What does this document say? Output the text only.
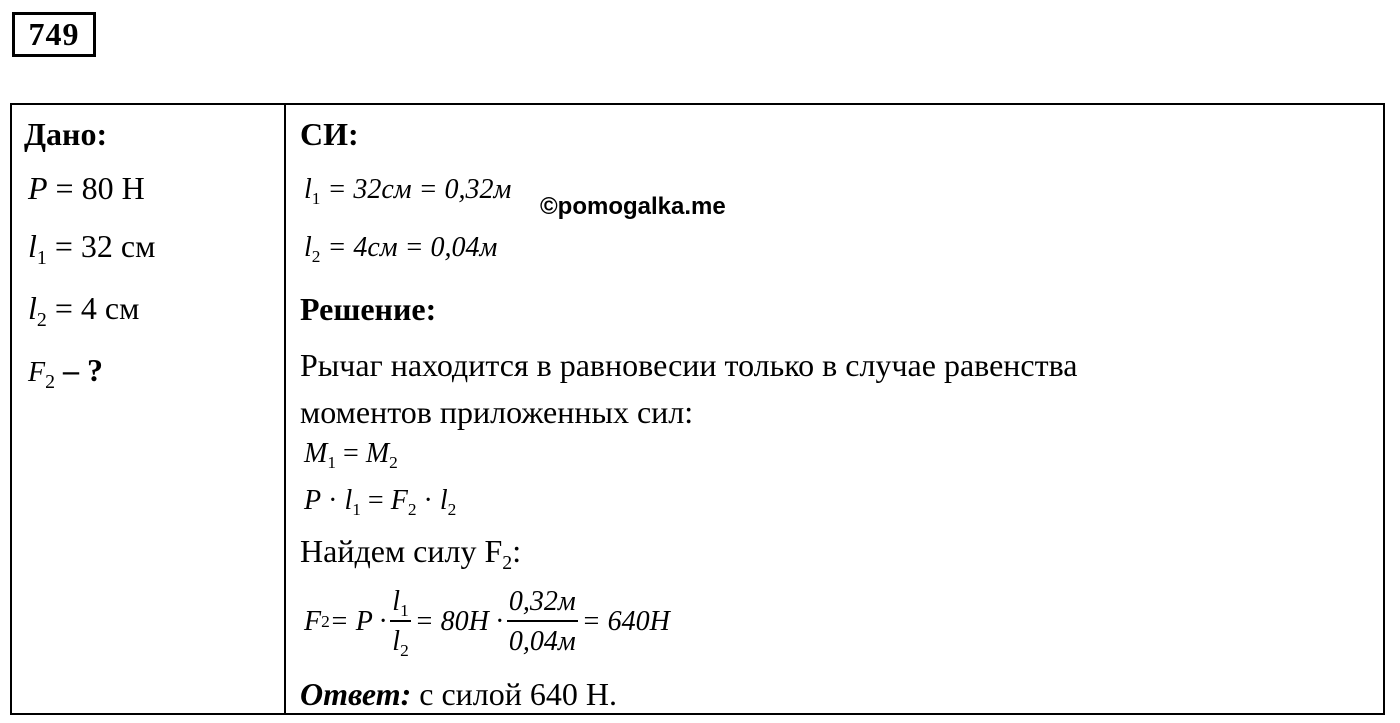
749
Дано:
P = 80 Н
$l_1 = 32$ см
$l_2 = 4$ см
$F_2$ – ?
СИ:
$l_1 = 32см = 0,32м$
©pomogalka.me
$l_2 = 4см = 0,04м$
Решение:
Рычаг находится в равновесии только в случае равенства
моментов приложенных сил:
$M_1 = M_2$
$P \cdot l_1 = F_2 \cdot l_2$
Найдем силу $F_2$:
F $2 = P \cdot \frac{l_1}{l_2} = 80H \cdot \frac{0,32м}{0,04м} = 640H$
Ответ: с силой 640 Н.
